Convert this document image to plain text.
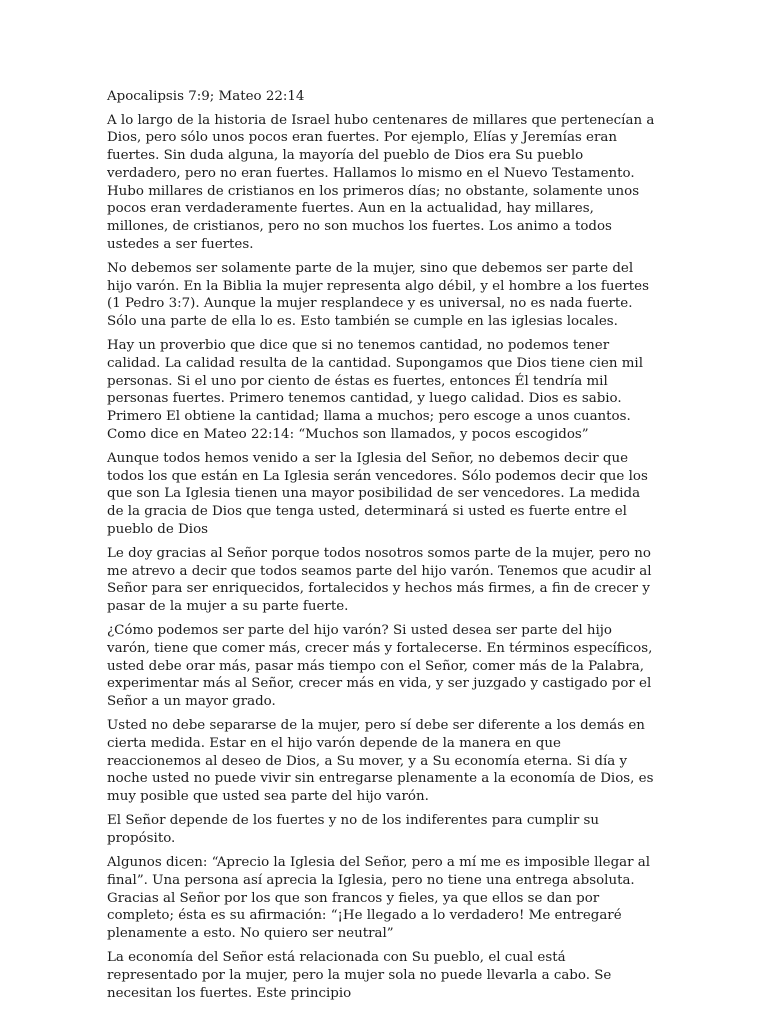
Apocalipsis 7:9; Mateo 22:14

A lo largo de la historia de Israel hubo centenares de millares que pertenecían a Dios, pero sólo unos pocos eran fuertes. Por ejemplo, Elías y Jeremías eran fuertes. Sin duda alguna, la mayoría del pueblo de Dios era Su pueblo verdadero, pero no eran fuertes. Hallamos lo mismo en el Nuevo Testamento. Hubo millares de cristianos en los primeros días; no obstante, solamente unos pocos eran verdaderamente fuertes. Aun en la actualidad, hay millares, millones, de cristianos, pero no son muchos los fuertes. Los animo a todos ustedes a ser fuertes.

No debemos ser solamente parte de la mujer, sino que debemos ser parte del hijo varón. En la Biblia la mujer representa algo débil, y el hombre a los fuertes (1 Pedro 3:7). Aunque la mujer resplandece y es universal, no es nada fuerte. Sólo una parte de ella lo es. Esto también se cumple en las iglesias locales.

Hay un proverbio que dice que si no tenemos cantidad, no podemos tener calidad. La calidad resulta de la cantidad. Supongamos que Dios tiene cien mil personas. Si el uno por ciento de éstas es fuertes, entonces Él tendría mil personas fuertes. Primero tenemos cantidad, y luego calidad. Dios es sabio. Primero El obtiene la cantidad; llama a muchos; pero escoge a unos cuantos. Como dice en Mateo 22:14: “Muchos son llamados, y pocos escogidos”

Aunque todos hemos venido a ser la Iglesia del Señor, no debemos decir que todos los que están en La Iglesia serán vencedores. Sólo podemos decir que los que son La Iglesia tienen una mayor posibilidad de ser vencedores. La medida de la gracia de Dios que tenga usted, determinará si usted es fuerte entre el pueblo de Dios

Le doy gracias al Señor porque todos nosotros somos parte de la mujer, pero no me atrevo a decir que todos seamos parte del hijo varón. Tenemos que acudir al Señor para ser enriquecidos, fortalecidos y hechos más firmes, a fin de crecer y pasar de la mujer a su parte fuerte.

¿Cómo podemos ser parte del hijo varón? Si usted desea ser parte del hijo varón, tiene que comer más, crecer más y fortalecerse. En términos específicos, usted debe orar más, pasar más tiempo con el Señor, comer más de la Palabra, experimentar más al Señor, crecer más en vida, y ser juzgado y castigado por el Señor a un mayor grado.

Usted no debe separarse de la mujer, pero sí debe ser diferente a los demás en cierta medida. Estar en el hijo varón depende de la manera en que reaccionemos al deseo de Dios, a Su mover, y a Su economía eterna. Si día y noche usted no puede vivir sin entregarse plenamente a la economía de Dios, es muy posible que usted sea parte del hijo varón.

El Señor depende de los fuertes y no de los indiferentes para cumplir su propósito.

Algunos dicen: “Aprecio la Iglesia del Señor, pero a mí me es imposible llegar al final”. Una persona así aprecia la Iglesia, pero no tiene una entrega absoluta. Gracias al Señor por los que son francos y fieles, ya que ellos se dan por completo; ésta es su afirmación: “¡He llegado a lo verdadero! Me entregaré plenamente a esto. No quiero ser neutral”

La economía del Señor está relacionada con Su pueblo, el cual está representado por la mujer, pero la mujer sola no puede llevarla a cabo. Se necesitan los fuertes. Este principio
